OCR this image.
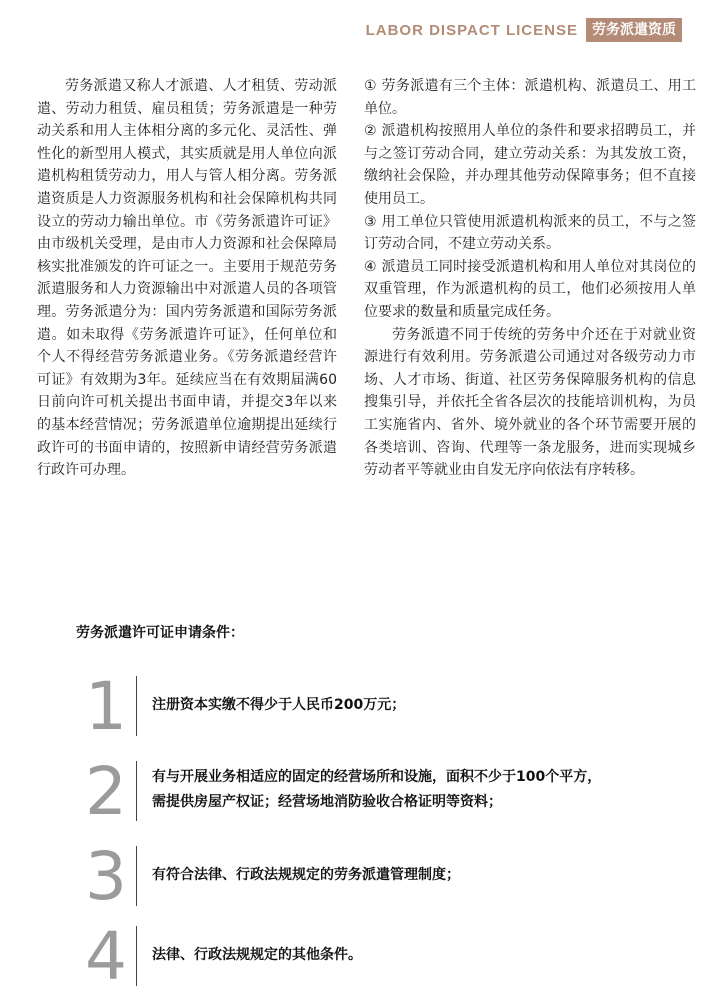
LABOR DISPACT LICENSE	劳务派遣资质

劳务派遣又称人才派遣、人才租赁、劳动派遣、劳动力租赁、雇员租赁；劳务派遣是一种劳动关系和用人主体相分离的多元化、灵活性、弹性化的新型用人模式，其实质就是用人单位向派遣机构租赁劳动力，用人与管人相分离。劳务派遣资质是人力资源服务机构和社会保障机构共同设立的劳动力输出单位。市《劳务派遣许可证》由市级机关受理，是由市人力资源和社会保障局核实批准颁发的许可证之一。主要用于规范劳务派遣服务和人力资源输出中对派遣人员的各项管理。劳务派遣分为：国内劳务派遣和国际劳务派遣。如未取得《劳务派遣许可证》，任何单位和个人不得经营劳务派遣业务。《劳务派遣经营许可证》有效期为3年。延续应当在有效期届满60日前向许可机关提出书面申请，并提交3年以来的基本经营情况；劳务派遣单位逾期提出延续行政许可的书面申请的，按照新申请经营劳务派遣行政许可办理。

① 劳务派遣有三个主体：派遣机构、派遣员工、用工单位。

② 派遣机构按照用人单位的条件和要求招聘员工，并与之签订劳动合同，建立劳动关系：为其发放工资，缴纳社会保险，并办理其他劳动保障事务；但不直接使用员工。

③ 用工单位只管使用派遣机构派来的员工，不与之签订劳动合同，不建立劳动关系。

④ 派遣员工同时接受派遣机构和用人单位对其岗位的双重管理，作为派遣机构的员工，他们必须按用人单位要求的数量和质量完成任务。

劳务派遣不同于传统的劳务中介还在于对就业资源进行有效利用。劳务派遣公司通过对各级劳动力市场、人才市场、街道、社区劳务保障服务机构的信息搜集引导，并依托全省各层次的技能培训机构，为员工实施省内、省外、境外就业的各个环节需要开展的各类培训、咨询、代理等一条龙服务，进而实现城乡劳动者平等就业由自发无序向依法有序转移。

劳务派遣许可证申请条件：
1	注册资本实缴不得少于人民币200万元；
2	有与开展业务相适应的固定的经营场所和设施，面积不少于100个平方，
需提供房屋产权证；经营场地消防验收合格证明等资料；
3	有符合法律、行政法规规定的劳务派遣管理制度；
4	法律、行政法规规定的其他条件。
